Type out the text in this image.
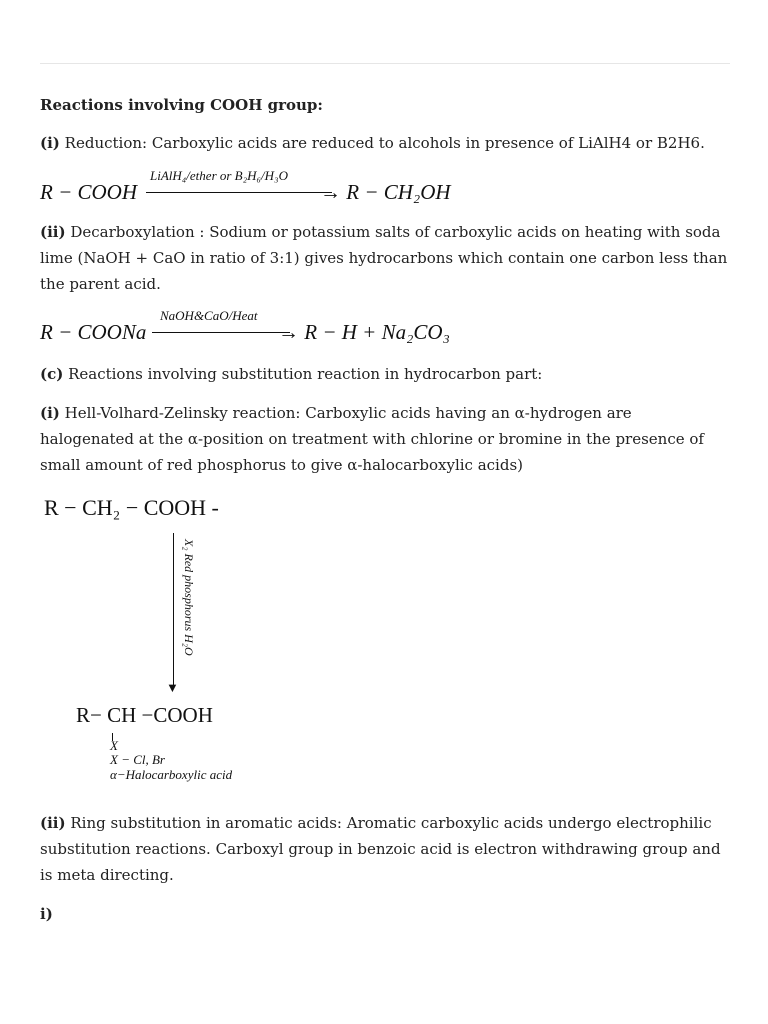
Reactions involving COOH group:

(i) Reduction: Carboxylic acids are reduced to alcohols in presence of LiAlH4 or B2H6.

R − COOH
LiAlH₄/ether or B₂H₆/H₃O
→ R − CH₂OH

(ii) Decarboxylation : Sodium or potassium salts of carboxylic acids on heating with soda lime (NaOH + CaO in ratio of 3:1) gives hydrocarbons which contain one carbon less than the parent acid.

R − COONa
NaOH&CaO/Heat
→ R − H + Na₂CO₃

(c) Reactions involving substitution reaction in hydrocarbon part:

(i) Hell-Volhard-Zelinsky reaction: Carboxylic acids having an α-hydrogen are halogenated at the α-position on treatment with chlorine or bromine in the presence of small amount of red phosphorus to give α-halocarboxylic acids)

R − CH₂ − COOH -
▼
X₂ Red phosphorus H₂O
R− CH −COOH
X
X − Cl, Br
α−Halocarboxylic acid

(ii) Ring substitution in aromatic acids: Aromatic carboxylic acids undergo electrophilic substitution reactions. Carboxyl group in benzoic acid is electron withdrawing group and is meta directing.

i)
